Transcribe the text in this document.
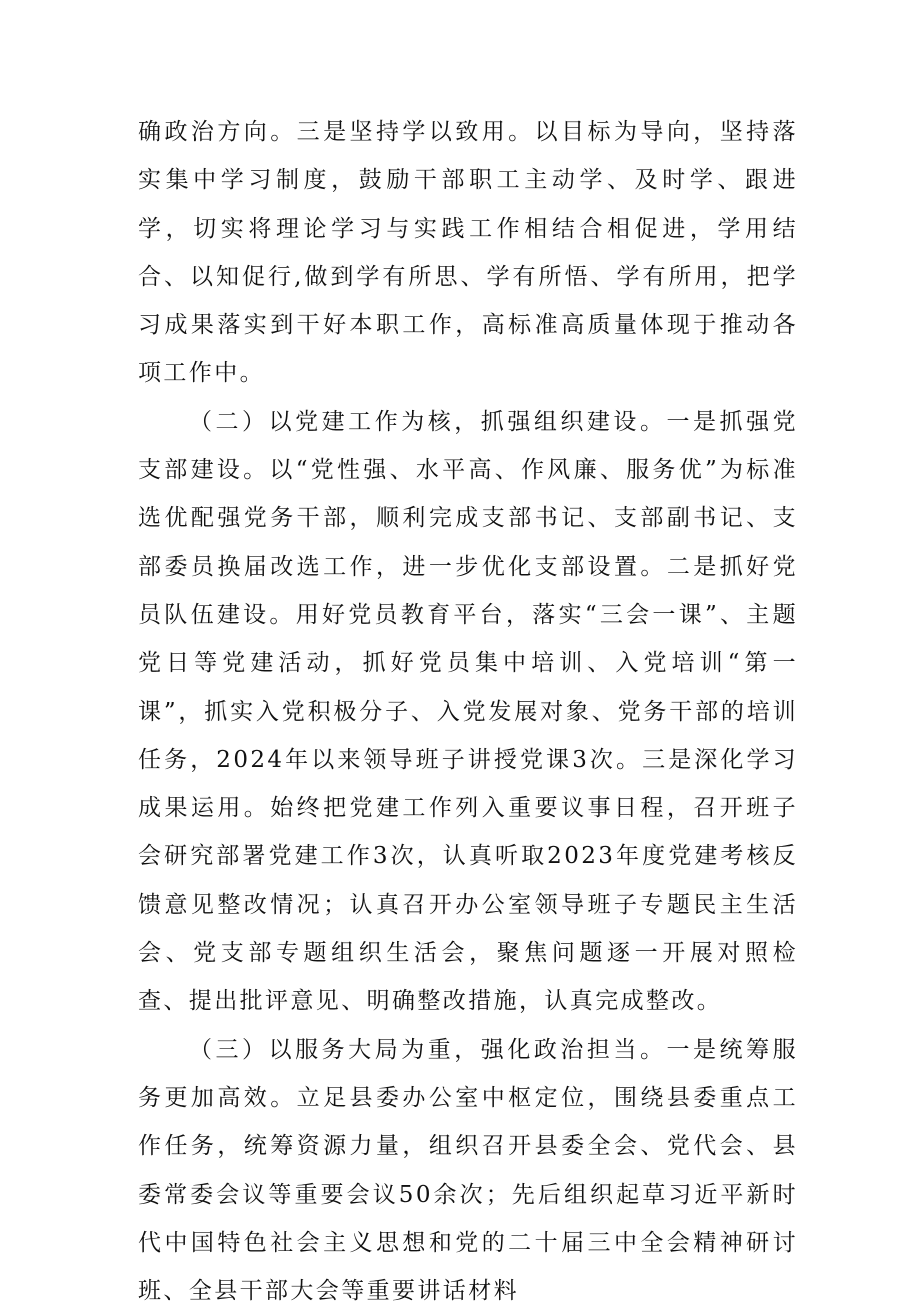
确政治方向。三是坚持学以致用。以目标为导向，坚持落实集中学习制度，鼓励干部职工主动学、及时学、跟进学，切实将理论学习与实践工作相结合相促进，学用结合、以知促行,做到学有所思、学有所悟、学有所用，把学习成果落实到干好本职工作，高标准高质量体现于推动各项工作中。

（二）以党建工作为核，抓强组织建设。一是抓强党支部建设。以“党性强、水平高、作风廉、服务优”为标准选优配强党务干部，顺利完成支部书记、支部副书记、支部委员换届改选工作，进一步优化支部设置。二是抓好党员队伍建设。用好党员教育平台，落实“三会一课”、主题党日等党建活动，抓好党员集中培训、入党培训“第一课”，抓实入党积极分子、入党发展对象、党务干部的培训任务，2024年以来领导班子讲授党课3次。三是深化学习成果运用。始终把党建工作列入重要议事日程，召开班子会研究部署党建工作3次，认真听取2023年度党建考核反馈意见整改情况；认真召开办公室领导班子专题民主生活会、党支部专题组织生活会，聚焦问题逐一开展对照检查、提出批评意见、明确整改措施，认真完成整改。

（三）以服务大局为重，强化政治担当。一是统筹服务更加高效。立足县委办公室中枢定位，围绕县委重点工作任务，统筹资源力量，组织召开县委全会、党代会、县委常委会议等重要会议50余次；先后组织起草习近平新时代中国特色社会主义思想和党的二十届三中全会精神研讨班、全县干部大会等重要讲话材料
